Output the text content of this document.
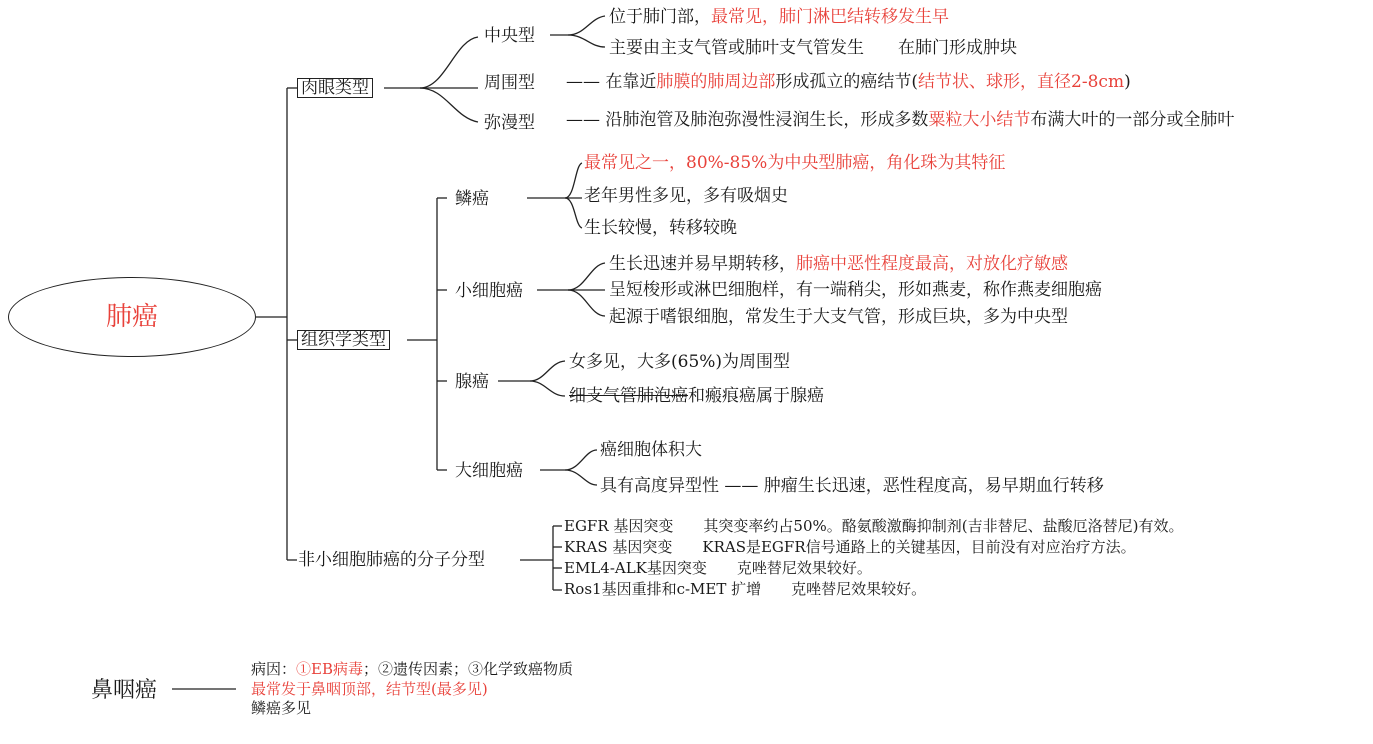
肺癌
肉眼类型
中央型
位于肺门部，最常见，肺门淋巴结转移发生早
主要由主支气管或肺叶支气管发生　　在肺门形成肿块
周围型 —— 在靠近肺膜的肺周边部形成孤立的癌结节(结节状、球形，直径2-8cm)
弥漫型 —— 沿肺泡管及肺泡弥漫性浸润生长，形成多数粟粒大小结节布满大叶的一部分或全肺叶
组织学类型
鳞癌
最常见之一，80%-85%为中央型肺癌，角化珠为其特征
老年男性多见，多有吸烟史
生长较慢，转移较晚
小细胞癌
生长迅速并易早期转移，肺癌中恶性程度最高，对放化疗敏感
呈短梭形或淋巴细胞样，有一端稍尖，形如燕麦，称作燕麦细胞癌
起源于嗜银细胞，常发生于大支气管，形成巨块，多为中央型
腺癌
女多见，大多(65%)为周围型
细支气管肺泡癌和瘢痕癌属于腺癌
大细胞癌
癌细胞体积大
具有高度异型性 —— 肿瘤生长迅速，恶性程度高，易早期血行转移
非小细胞肺癌的分子分型
EGFR 基因突变　　其突变率约占50%。酪氨酸激酶抑制剂(吉非替尼、盐酸厄洛替尼)有效。
KRAS 基因突变　　KRAS是EGFR信号通路上的关键基因，目前没有对应治疗方法。
EML4-ALK基因突变　　克唑替尼效果较好。
Ros1基因重排和c-MET 扩增　　克唑替尼效果较好。
鼻咽癌
病因：①EB病毒；②遗传因素；③化学致癌物质
最常发于鼻咽顶部，结节型(最多见)
鳞癌多见
